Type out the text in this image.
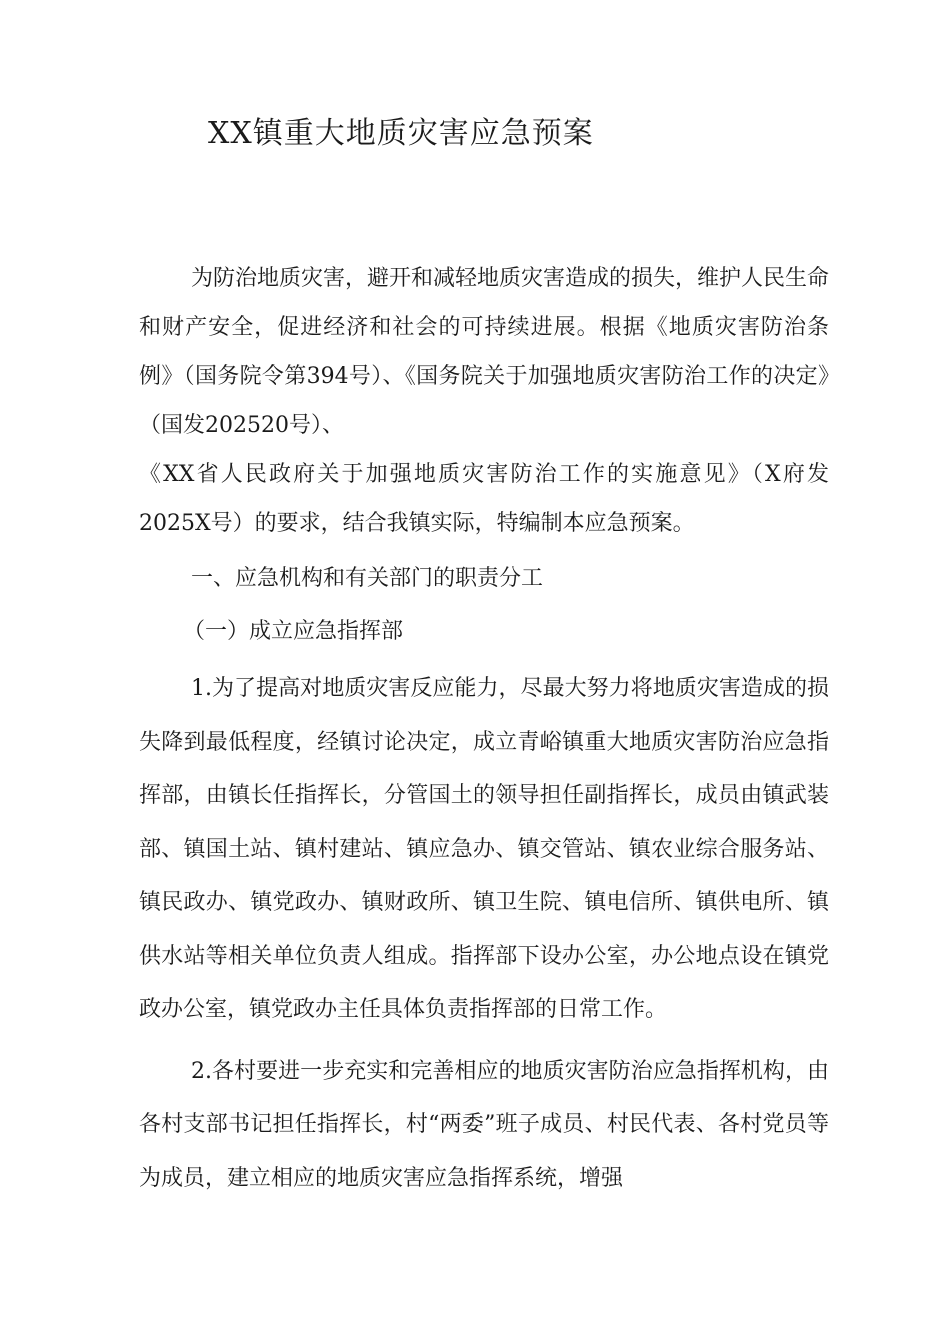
XX镇重大地质灾害应急预案

为防治地质灾害，避开和减轻地质灾害造成的损失，维护人民生命和财产安全，促进经济和社会的可持续进展。根据《地质灾害防治条例》（国务院令第394号）、《国务院关于加强地质灾害防治工作的决定》（国发202520号）、

《XX省人民政府关于加强地质灾害防治工作的实施意见》（X府发2025X号）的要求，结合我镇实际，特编制本应急预案。

一、应急机构和有关部门的职责分工

（一）成立应急指挥部

1.为了提高对地质灾害反应能力，尽最大努力将地质灾害造成的损失降到最低程度，经镇讨论决定，成立青峪镇重大地质灾害防治应急指挥部，由镇长任指挥长，分管国土的领导担任副指挥长，成员由镇武装部、镇国土站、镇村建站、镇应急办、镇交管站、镇农业综合服务站、镇民政办、镇党政办、镇财政所、镇卫生院、镇电信所、镇供电所、镇供水站等相关单位负责人组成。指挥部下设办公室，办公地点设在镇党政办公室，镇党政办主任具体负责指挥部的日常工作。

2.各村要进一步充实和完善相应的地质灾害防治应急指挥机构，由各村支部书记担任指挥长，村“两委”班子成员、村民代表、各村党员等为成员，建立相应的地质灾害应急指挥系统，增强
